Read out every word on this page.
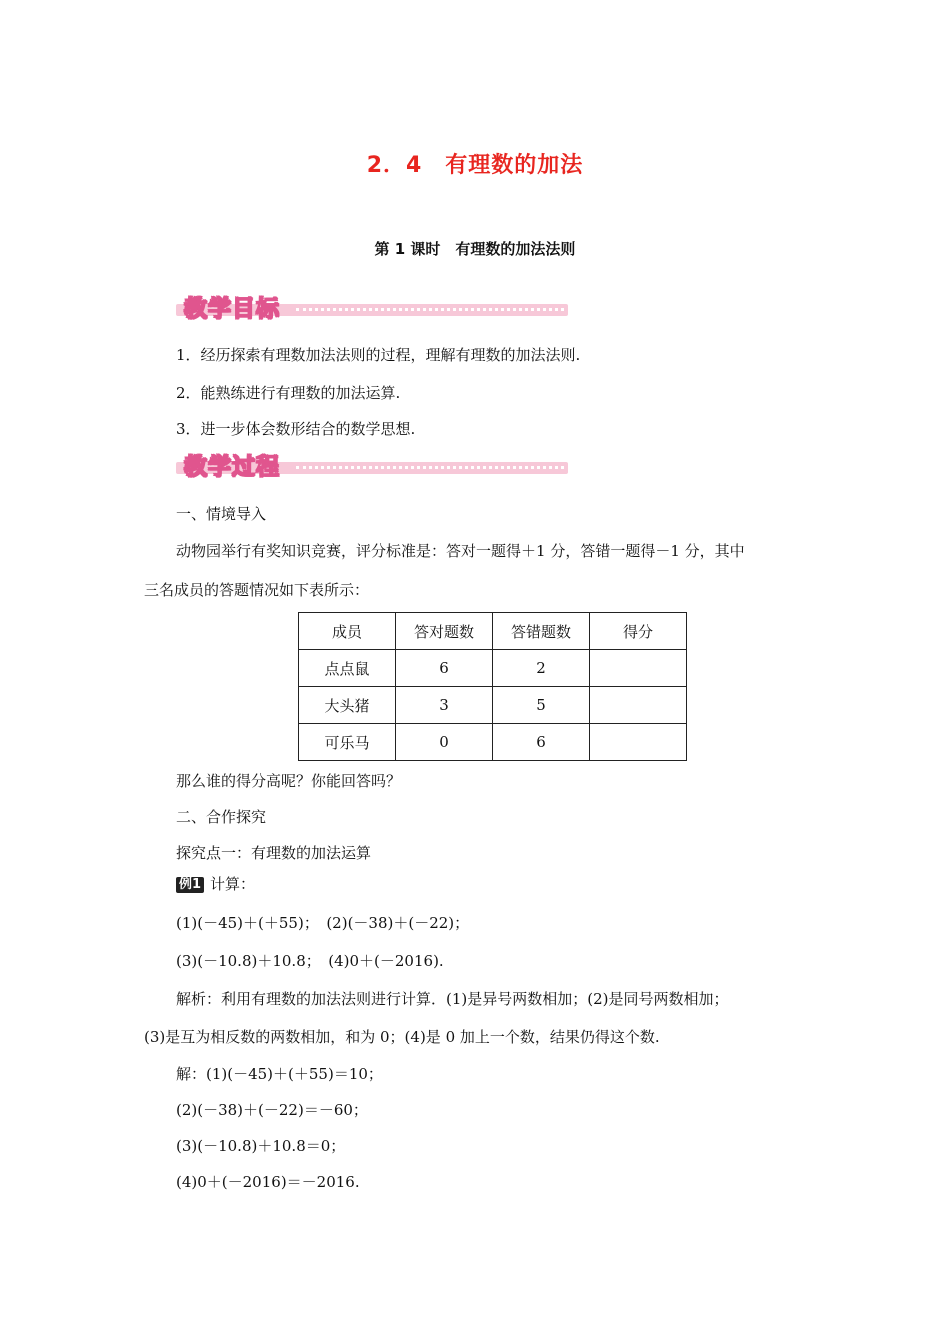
2．4　有理数的加法
第 1 课时　有理数的加法法则
教学目标
1．经历探索有理数加法法则的过程，理解有理数的加法法则.
2．能熟练进行有理数的加法运算.
3．进一步体会数形结合的数学思想.
教学过程
一、情境导入
动物园举行有奖知识竞赛，评分标准是：答对一题得＋1 分，答错一题得－1 分，其中
三名成员的答题情况如下表所示：
成员	答对题数	答错题数	得分
点点鼠	6	2	
大头猪	3	5	
可乐马	0	6	
那么谁的得分高呢？你能回答吗？
二、合作探究
探究点一：有理数的加法运算
例1 计算：
(1)(－45)＋(＋55)；　(2)(－38)＋(－22)；
(3)(－10.8)＋10.8；　(4)0＋(－2016).
解析：利用有理数的加法法则进行计算．(1)是异号两数相加；(2)是同号两数相加；
(3)是互为相反数的两数相加，和为 0；(4)是 0 加上一个数，结果仍得这个数.
解：(1)(－45)＋(＋55)＝10；
(2)(－38)＋(－22)＝－60；
(3)(－10.8)＋10.8＝0；
(4)0＋(－2016)＝－2016.
